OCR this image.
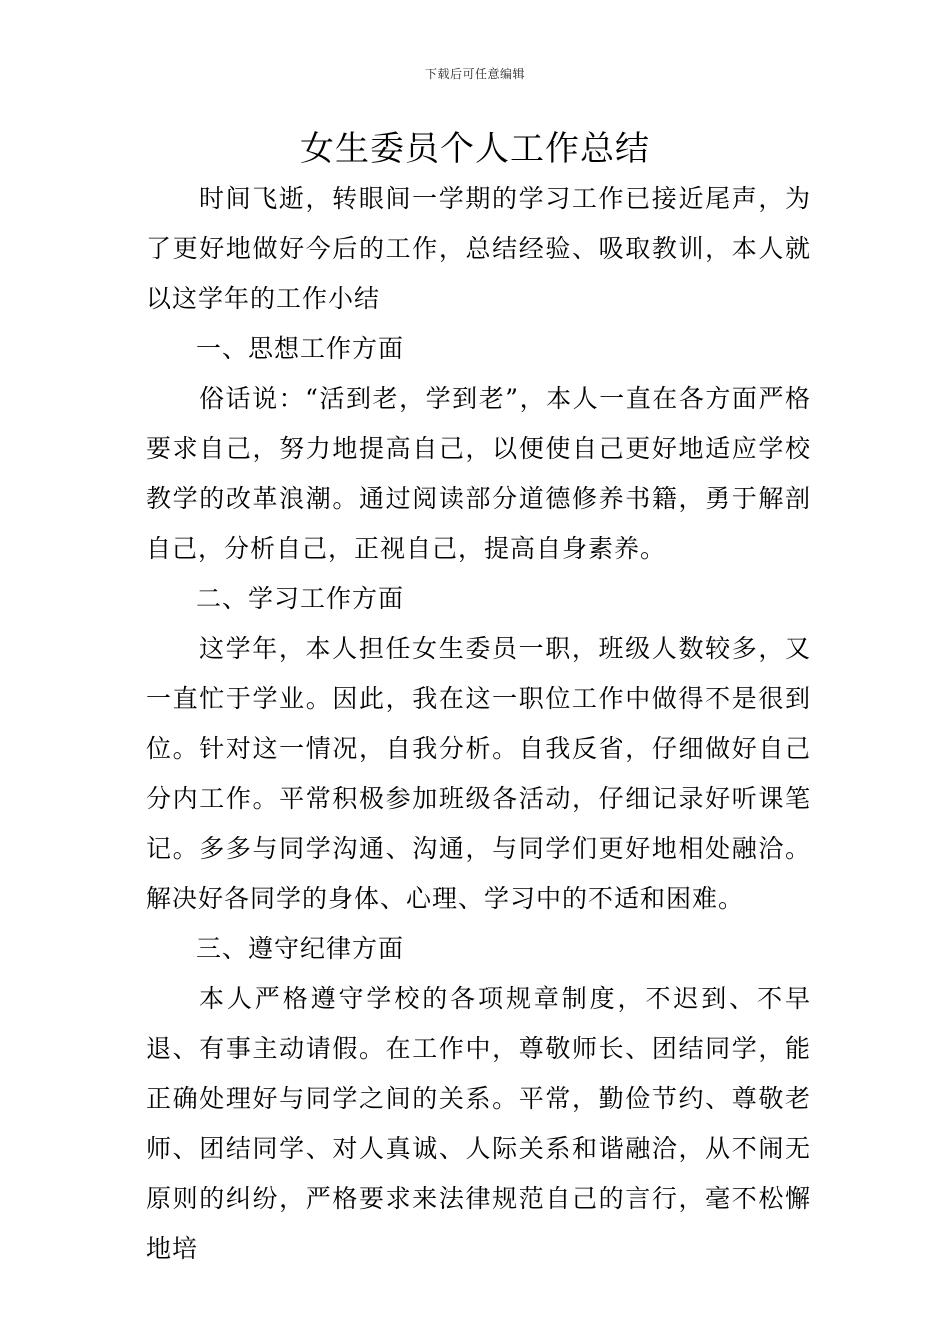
下载后可任意编辑
女生委员个人工作总结

时间飞逝，转眼间一学期的学习工作已接近尾声，为了更好地做好今后的工作，总结经验、吸取教训，本人就以这学年的工作小结

一、思想工作方面

俗话说：“活到老，学到老”，本人一直在各方面严格要求自己，努力地提高自己，以便使自己更好地适应学校教学的改革浪潮。通过阅读部分道德修养书籍，勇于解剖自己，分析自己，正视自己，提高自身素养。

二、学习工作方面

这学年，本人担任女生委员一职，班级人数较多，又一直忙于学业。因此，我在这一职位工作中做得不是很到位。针对这一情况，自我分析。自我反省，仔细做好自己分内工作。平常积极参加班级各活动，仔细记录好听课笔记。多多与同学沟通、沟通，与同学们更好地相处融洽。解决好各同学的身体、心理、学习中的不适和困难。

三、遵守纪律方面

本人严格遵守学校的各项规章制度，不迟到、不早退、有事主动请假。在工作中，尊敬师长、团结同学，能正确处理好与同学之间的关系。平常，勤俭节约、尊敬老师、团结同学、对人真诚、人际关系和谐融洽，从不闹无原则的纠纷，严格要求来法律规范自己的言行，毫不松懈地培
